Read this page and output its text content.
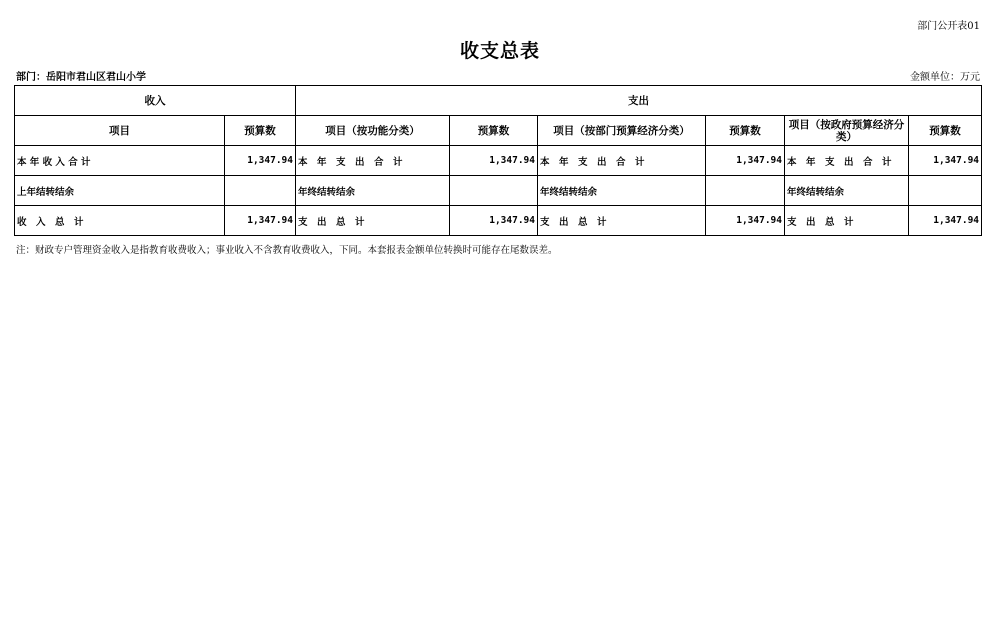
部门公开表01
收支总表
部门：岳阳市君山区君山小学	金额单位：万元
收入		支出					
项目	预算数	项目（按功能分类）	预算数	项目（按部门预算经济分类）	预算数	项目（按政府预算经济分类）	预算数
本 年 收 入 合 计	1,347.94	本　年　支　出　合　计	1,347.94	本　年　支　出　合　计	1,347.94	本　年　支　出　合　计	1,347.94
上年结转结余		年终结转结余		年终结转结余		年终结转结余	
收　入　总　计	1,347.94	支　出　总　计	1,347.94	支　出　总　计	1,347.94	支　出　总　计	1,347.94
注：财政专户管理资金收入是指教育收费收入；事业收入不含教育收费收入，下同。本套报表金额单位转换时可能存在尾数误差。
